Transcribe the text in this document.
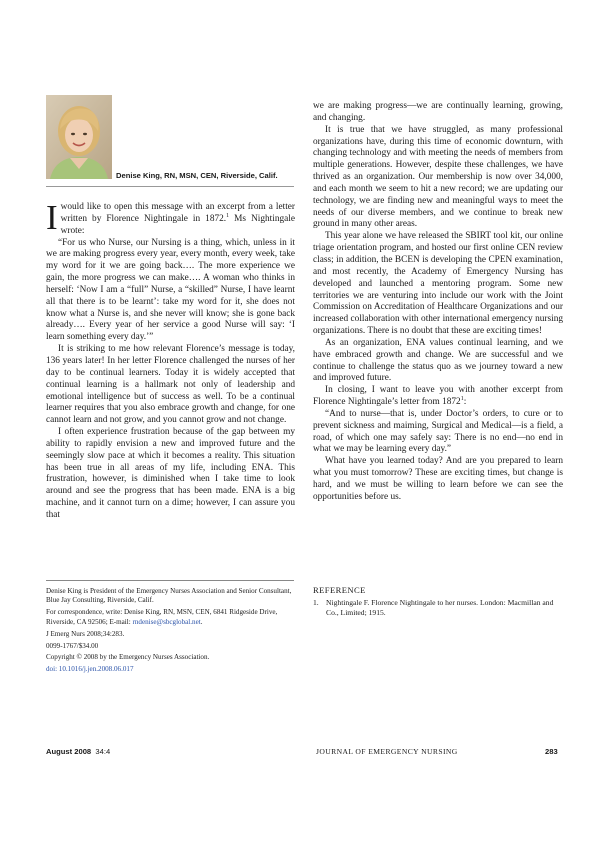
Denise King, RN, MSN, CEN, Riverside, Calif.

Iwould like to open this message with an excerpt from a letter written by Florence Nightingale in 1872.$^1$ Ms Nightingale wrote:

“For us who Nurse, our Nursing is a thing, which, unless in it we are making progress every year, every month, every week, take my word for it we are going back…. The more experience we gain, the more progress we can make…. A woman who thinks in herself: ‘Now I am a “full” Nurse, a “skilled” Nurse, I have learnt all that there is to be learnt’: take my word for it, she does not know what a Nurse is, and she never will know; she is gone back already…. Every year of her service a good Nurse will say: ‘I learn something every day.’”

It is striking to me how relevant Florence’s message is today, 136 years later! In her letter Florence challenged the nurses of her day to be continual learners. Today it is widely accepted that continual learning is a hallmark not only of leadership and emotional intelligence but of success as well. To be a continual learner requires that you also embrace growth and change, for one cannot learn and not grow, and you cannot grow and not change.

I often experience frustration because of the gap between my ability to rapidly envision a new and improved future and the seemingly slow pace at which it becomes a reality. This situation has been true in all areas of my life, including ENA. This frustration, however, is diminished when I take time to look around and see the progress that has been made. ENA is a big machine, and it cannot turn on a dime; however, I can assure you that

we are making progress—we are continually learning, growing, and changing.

It is true that we have struggled, as many professional organizations have, during this time of economic downturn, with changing technology and with meeting the needs of members from multiple generations. However, despite these challenges, we have thrived as an organization. Our membership is now over 34,000, and each month we seem to hit a new record; we are updating our technology, we are finding new and meaningful ways to meet the needs of our diverse members, and we continue to break new ground in many other areas.

This year alone we have released the SBIRT tool kit, our online triage orientation program, and hosted our first online CEN review class; in addition, the BCEN is developing the CPEN examination, and most recently, the Academy of Emergency Nursing has developed and launched a mentoring program. Some new territories we are venturing into include our work with the Joint Commission on Accreditation of Healthcare Organizations and our increased collaboration with other international emergency nursing organizations. There is no doubt that these are exciting times!

As an organization, ENA values continual learning, and we have embraced growth and change. We are successful and we continue to challenge the status quo as we journey toward a new and improved future.

In closing, I want to leave you with another excerpt from Florence Nightingale’s letter from 1872$^1$:

“And to nurse—that is, under Doctor’s orders, to cure or to prevent sickness and maiming, Surgical and Medical—is a field, a road, of which one may safely say: There is no end—no end in what we may be learning every day.”

What have you learned today? And are you prepared to learn what you must tomorrow? These are exciting times, but change is hard, and we must be willing to learn before we can see the opportunities before us.

Denise King is President of the Emergency Nurses Association and Senior Consultant, Blue Jay Consulting, Riverside, Calif.
For correspondence, write: Denise King, RN, MSN, CEN, 6841 Ridgeside Drive, Riverside, CA 92506; E-mail: rndenise@sbcglobal.net.
J Emerg Nurs 2008;34:283.
0099-1767/$34.00
Copyright © 2008 by the Emergency Nurses Association.
doi: 10.1016/j.jen.2008.06.017
REFERENCE
1. Nightingale F. Florence Nightingale to her nurses. London: Macmillan and Co., Limited; 1915.
August 2008 34:4	JOURNAL OF EMERGENCY NURSING	283
